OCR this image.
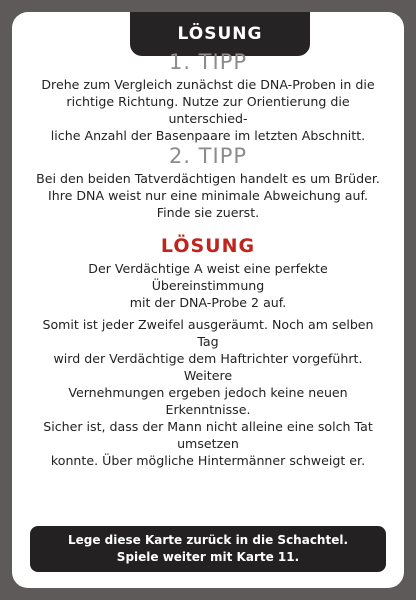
LÖSUNG
1. TIPP

Drehe zum Vergleich zunächst die DNA-Proben in die
richtige Richtung. Nutze zur Orientierung die unterschied-
liche Anzahl der Basenpaare im letzten Abschnitt.

2. TIPP

Bei den beiden Tatverdächtigen handelt es um Brüder.
Ihre DNA weist nur eine minimale Abweichung auf.
Finde sie zuerst.

LÖSUNG

Der Verdächtige A weist eine perfekte Übereinstimmung
mit der DNA-Probe 2 auf.

Somit ist jeder Zweifel ausgeräumt. Noch am selben Tag
wird der Verdächtige dem Haftrichter vorgeführt. Weitere
Vernehmungen ergeben jedoch keine neuen Erkenntnisse.
Sicher ist, dass der Mann nicht alleine eine solch Tat umsetzen
konnte. Über mögliche Hintermänner schweigt er.

Lege diese Karte zurück in die Schachtel.
Spiele weiter mit Karte 11.
